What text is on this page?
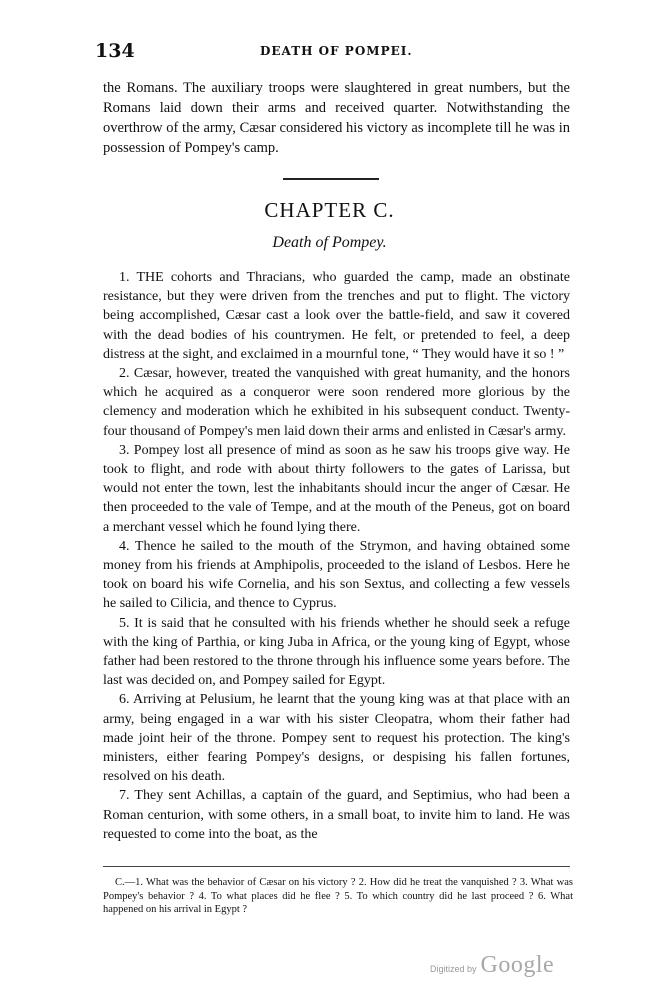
134	DEATH OF POMPEI.

the Romans. The auxiliary troops were slaughtered in great numbers, but the Romans laid down their arms and received quarter. Notwithstanding the overthrow of the army, Cæsar considered his victory as incomplete till he was in possession of Pompey's camp.

CHAPTER C.
Death of Pompey.

1. THE cohorts and Thracians, who guarded the camp, made an obstinate resistance, but they were driven from the trenches and put to flight. The victory being accomplished, Cæsar cast a look over the battle-field, and saw it covered with the dead bodies of his countrymen. He felt, or pretended to feel, a deep distress at the sight, and exclaimed in a mournful tone, “ They would have it so ! ”

2. Cæsar, however, treated the vanquished with great humanity, and the honors which he acquired as a conqueror were soon rendered more glorious by the clemency and moderation which he exhibited in his subsequent conduct. Twenty-four thousand of Pompey's men laid down their arms and enlisted in Cæsar's army.

3. Pompey lost all presence of mind as soon as he saw his troops give way. He took to flight, and rode with about thirty followers to the gates of Larissa, but would not enter the town, lest the inhabitants should incur the anger of Cæsar. He then proceeded to the vale of Tempe, and at the mouth of the Peneus, got on board a merchant vessel which he found lying there.

4. Thence he sailed to the mouth of the Strymon, and having obtained some money from his friends at Amphipolis, proceeded to the island of Lesbos. Here he took on board his wife Cornelia, and his son Sextus, and collecting a few vessels he sailed to Cilicia, and thence to Cyprus.

5. It is said that he consulted with his friends whether he should seek a refuge with the king of Parthia, or king Juba in Africa, or the young king of Egypt, whose father had been restored to the throne through his influence some years before. The last was decided on, and Pompey sailed for Egypt.

6. Arriving at Pelusium, he learnt that the young king was at that place with an army, being engaged in a war with his sister Cleopatra, whom their father had made joint heir of the throne. Pompey sent to request his protection. The king's ministers, either fearing Pompey's designs, or despising his fallen fortunes, resolved on his death.

7. They sent Achillas, a captain of the guard, and Septimius, who had been a Roman centurion, with some others, in a small boat, to invite him to land. He was requested to come into the boat, as the

C.—1. What was the behavior of Cæsar on his victory ? 2. How did he treat the vanquished ? 3. What was Pompey's behavior ? 4. To what places did he flee ? 5. To which country did he last proceed ? 6. What happened on his arrival in Egypt ?
Digitized by Google
